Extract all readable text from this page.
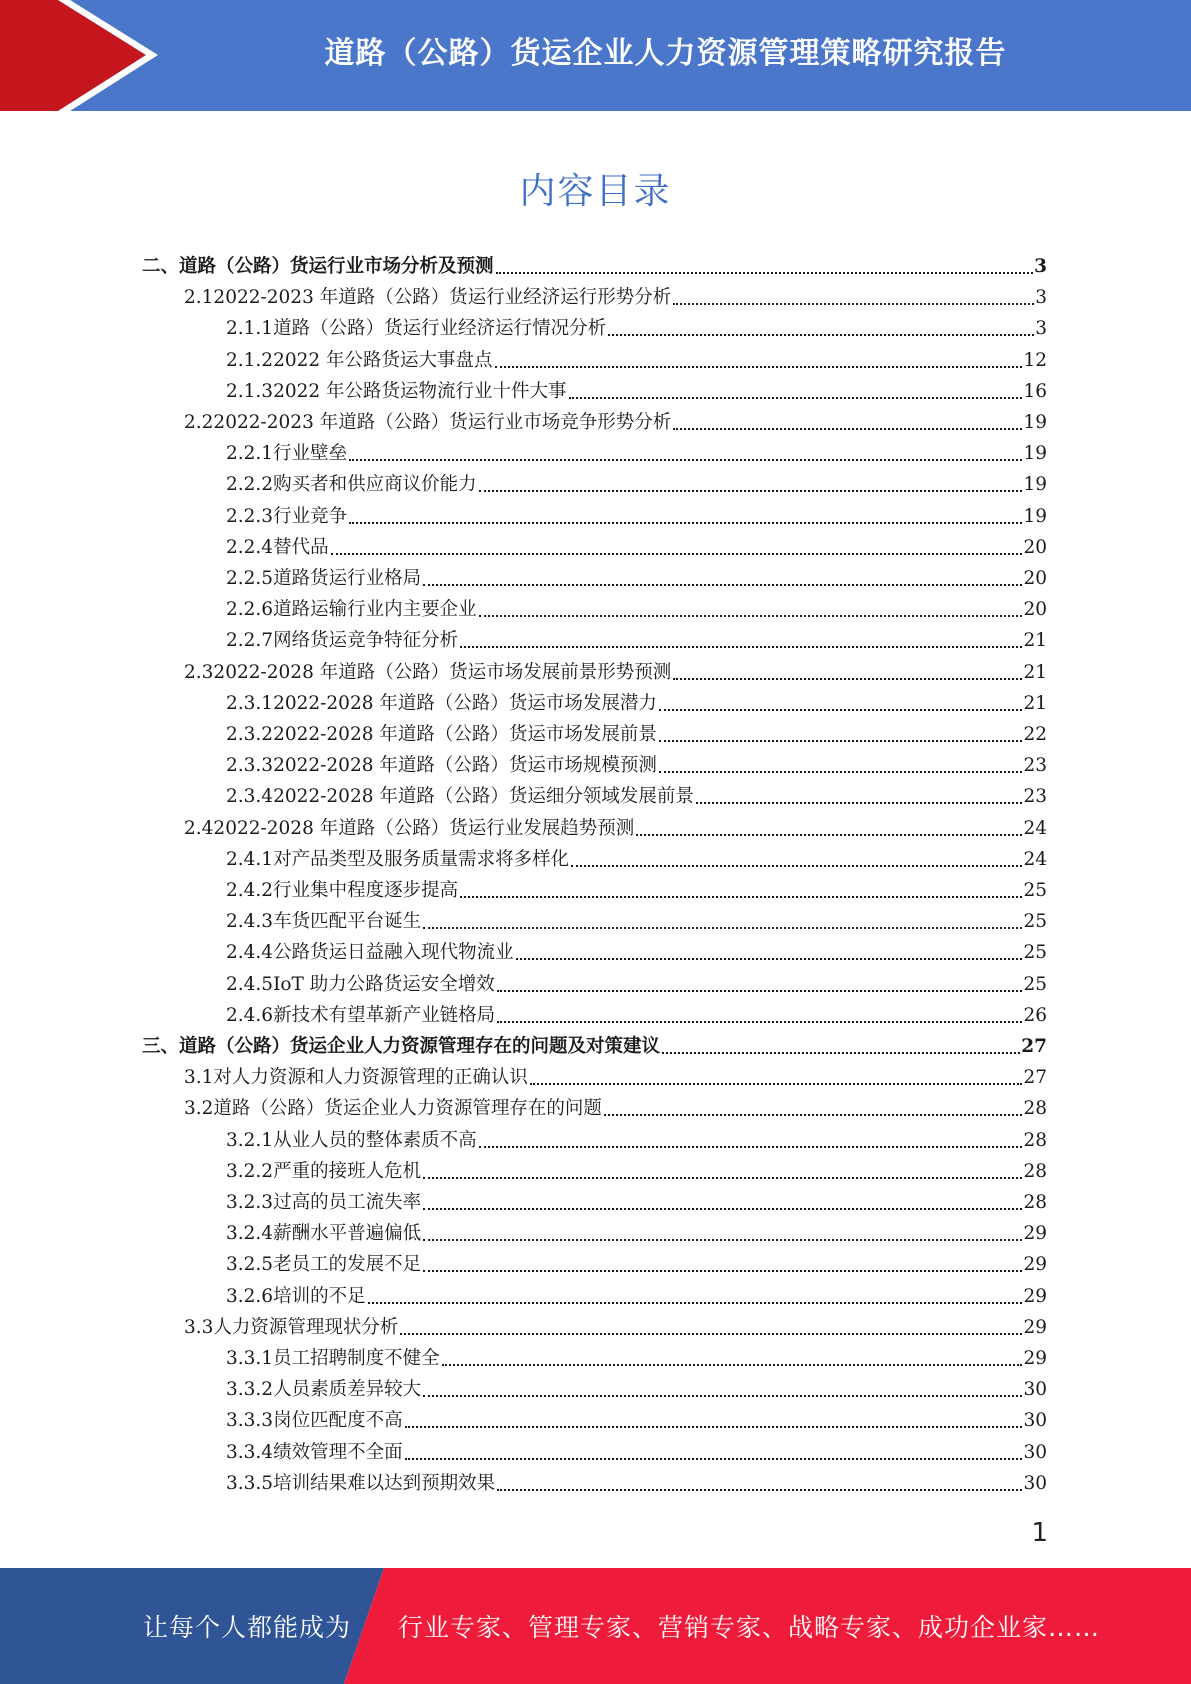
道路（公路）货运企业人力资源管理策略研究报告
内容目录
二、 道路（公路）货运行业市场分析及预测	3
2.1 2022-2023 年道路（公路）货运行业经济运行形势分析	3
2.1.1 道路（公路）货运行业经济运行情况分析	3
2.1.2 2022 年公路货运大事盘点	12
2.1.3 2022 年公路货运物流行业十件大事	16
2.2 2022-2023 年道路（公路）货运行业市场竞争形势分析	19
2.2.1 行业壁垒	19
2.2.2 购买者和供应商议价能力	19
2.2.3 行业竞争	19
2.2.4 替代品	20
2.2.5 道路货运行业格局	20
2.2.6 道路运输行业内主要企业	20
2.2.7 网络货运竞争特征分析	21
2.3 2022-2028 年道路（公路）货运市场发展前景形势预测	21
2.3.1 2022-2028 年道路（公路）货运市场发展潜力	21
2.3.2 2022-2028 年道路（公路）货运市场发展前景	22
2.3.3 2022-2028 年道路（公路）货运市场规模预测	23
2.3.4 2022-2028 年道路（公路）货运细分领域发展前景	23
2.4 2022-2028 年道路（公路）货运行业发展趋势预测	24
2.4.1 对产品类型及服务质量需求将多样化	24
2.4.2 行业集中程度逐步提高	25
2.4.3 车货匹配平台诞生	25
2.4.4 公路货运日益融入现代物流业	25
2.4.5 IoT 助力公路货运安全增效	25
2.4.6 新技术有望革新产业链格局	26
三、 道路（公路）货运企业人力资源管理存在的问题及对策建议	27
3.1 对人力资源和人力资源管理的正确认识	27
3.2 道路（公路）货运企业人力资源管理存在的问题	28
3.2.1 从业人员的整体素质不高	28
3.2.2 严重的接班人危机	28
3.2.3 过高的员工流失率	28
3.2.4 薪酬水平普遍偏低	29
3.2.5 老员工的发展不足	29
3.2.6 培训的不足	29
3.3 人力资源管理现状分析	29
3.3.1 员工招聘制度不健全	29
3.3.2 人员素质差异较大	30
3.3.3 岗位匹配度不高	30
3.3.4 绩效管理不全面	30
3.3.5 培训结果难以达到预期效果	30
1
让每个人都能成为 行业专家、管理专家、营销专家、战略专家、成功企业家……
